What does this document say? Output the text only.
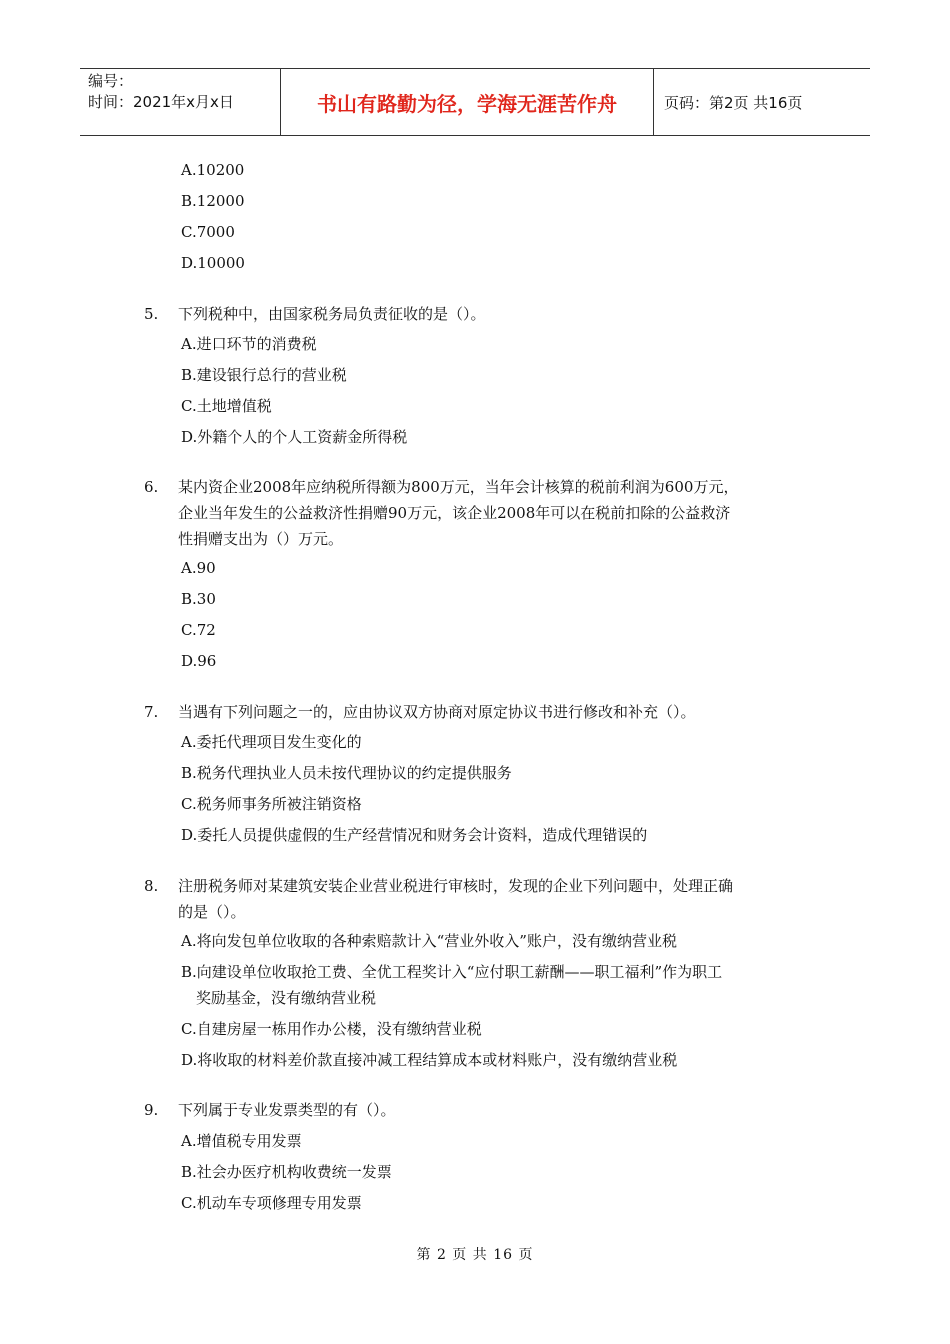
编号：
时间：2021年x月x日	书山有路勤为径，学海无涯苦作舟	页码：第2页 共16页
A.10200
B.12000
C.7000
D.10000
5. 下列税种中，由国家税务局负责征收的是（）。
A.进口环节的消费税
B.建设银行总行的营业税
C.土地增值税
D.外籍个人的个人工资薪金所得税
6. 某内资企业2008年应纳税所得额为800万元，当年会计核算的税前利润为600万元，
企业当年发生的公益救济性捐赠90万元，该企业2008年可以在税前扣除的公益救济
性捐赠支出为（）万元。
A.90
B.30
C.72
D.96
7. 当遇有下列问题之一的，应由协议双方协商对原定协议书进行修改和补充（）。
A.委托代理项目发生变化的
B.税务代理执业人员未按代理协议的约定提供服务
C.税务师事务所被注销资格
D.委托人员提供虚假的生产经营情况和财务会计资料，造成代理错误的
8. 注册税务师对某建筑安装企业营业税进行审核时，发现的企业下列问题中，处理正确
的是（）。
A.将向发包单位收取的各种索赔款计入“营业外收入”账户，没有缴纳营业税
B.向建设单位收取抢工费、全优工程奖计入“应付职工薪酬——职工福利”作为职工
奖励基金，没有缴纳营业税
C.自建房屋一栋用作办公楼，没有缴纳营业税
D.将收取的材料差价款直接冲减工程结算成本或材料账户，没有缴纳营业税
9. 下列属于专业发票类型的有（）。
A.增值税专用发票
B.社会办医疗机构收费统一发票
C.机动车专项修理专用发票
第 2 页 共 16 页
